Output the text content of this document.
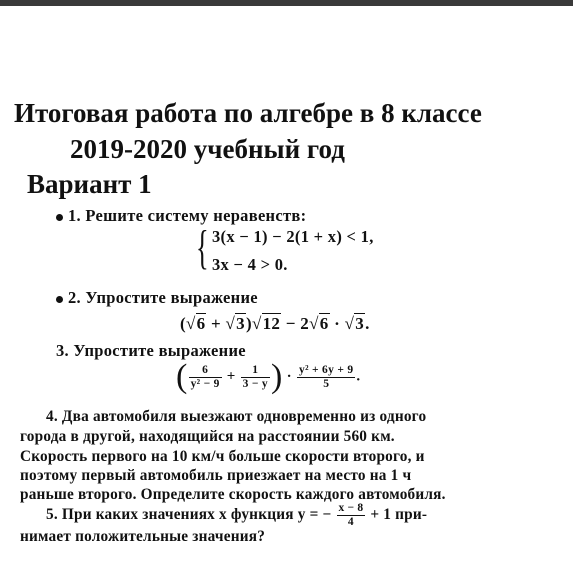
Итоговая работа по алгебре в 8 классе
2019-2020 учебный год
Вариант 1
1. Решите систему неравенств:
{ 3(x − 1) − 2(1 + x) < 1,
3x − 4 > 0.
2. Упростите выражение
(√6 + √3)√12 − 2√6 · √3.
3. Упростите выражение
( $\frac{6}{\text{y² − 9}} + \frac{1}{3 - y}$ ) · $\frac{\text{y² + 6y + 9}}{5}$ .
4. Два автомобиля выезжают одновременно из одного
города в другой, находящийся на расстоянии 560 км.
Скорость первого на 10 км/ч больше скорости второго, и
поэтому первый автомобиль приезжает на место на 1 ч
раньше второго. Определите скорость каждого автомобиля.
5. При каких значениях x функция y = − $\frac{x - 8}{4} + 1$ при-
нимает положительные значения?
